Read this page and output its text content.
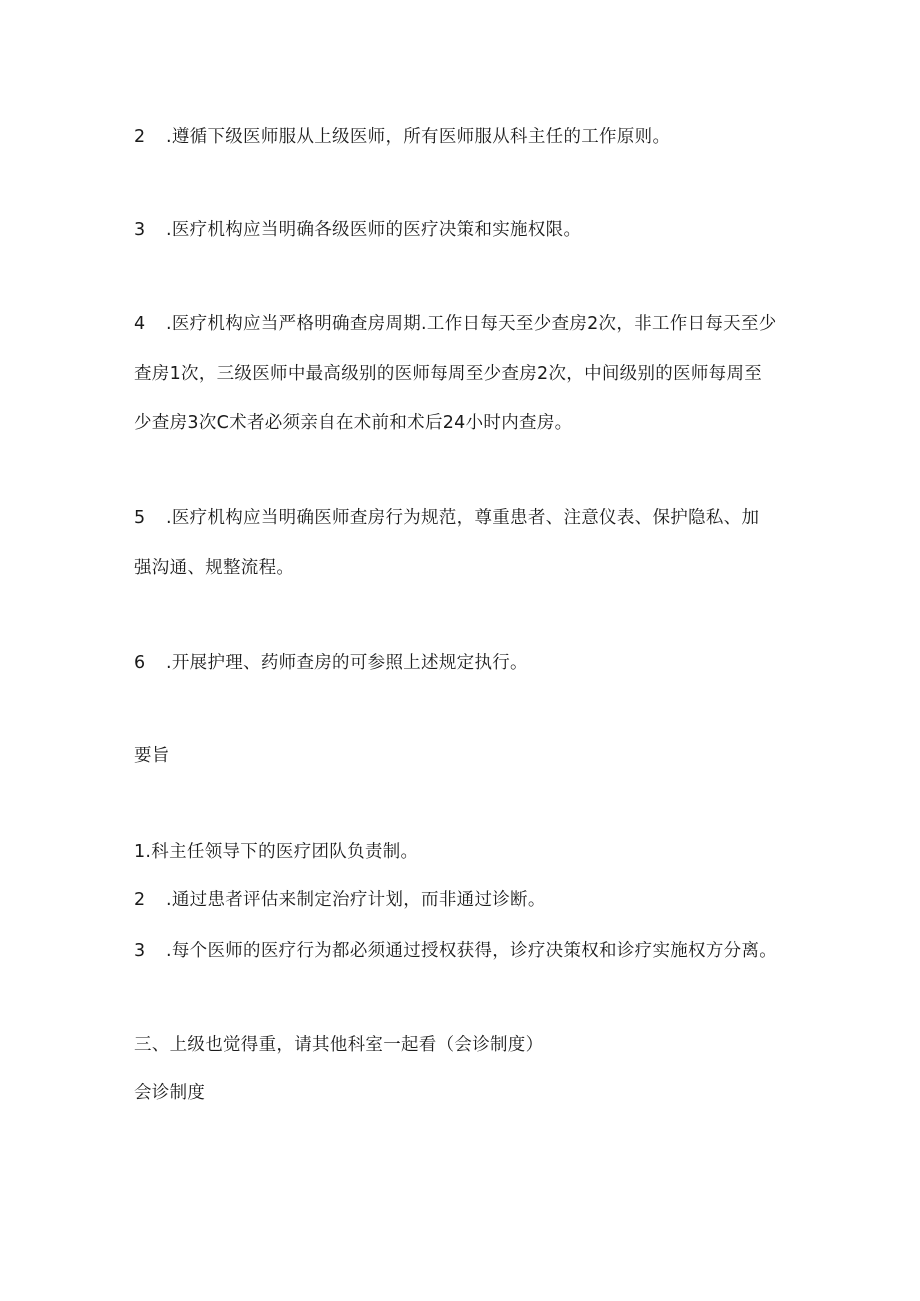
2 .遵循下级医师服从上级医师，所有医师服从科主任的工作原则。
3 .医疗机构应当明确各级医师的医疗决策和实施权限。
4 .医疗机构应当严格明确查房周期.工作日每天至少查房2次，非工作日每天至少
查房1次，三级医师中最高级别的医师每周至少查房2次，中间级别的医师每周至
少查房3次C术者必须亲自在术前和术后24小时内查房。
5 .医疗机构应当明确医师查房行为规范，尊重患者、注意仪表、保护隐私、加
强沟通、规整流程。
6 .开展护理、药师查房的可参照上述规定执行。
要旨
1.科主任领导下的医疗团队负责制。
2 .通过患者评估来制定治疗计划，而非通过诊断。
3 .每个医师的医疗行为都必须通过授权获得，诊疗决策权和诊疗实施权方分离。
三、上级也觉得重，请其他科室一起看（会诊制度）
会诊制度
